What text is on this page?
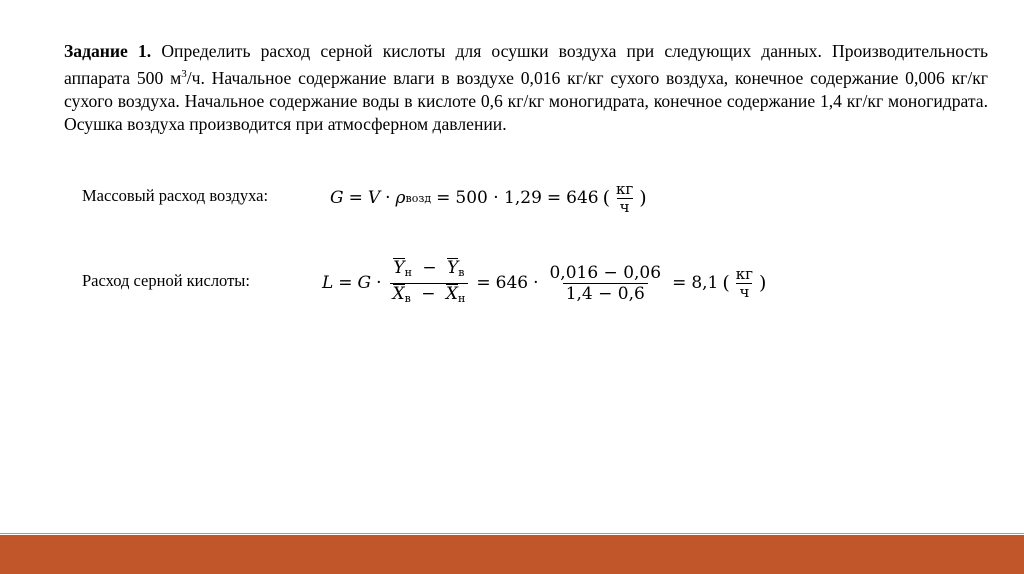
Задание 1. Определить расход серной кислоты для осушки воздуха при следующих данных. Производительность аппарата 500 $м^3/ч$. Начальное содержание влаги в воздухе 0,016 кг/кг сухого воздуха, конечное содержание 0,006 кг/кг сухого воздуха. Начальное содержание воды в кислоте 0,6 кг/кг моногидрата, конечное содержание 1,4 кг/кг моногидрата. Осушка воздуха производится при атмосферном давлении.
Массовый расход воздуха:	G = V · ρ возд = 500 · 1,29 = 646 ( $\frac{кг}{ч}$ )
Расход серной кислоты:	$L = G \cdot \frac{Y_н - Y_в}{X_в - X_н} = 646 \cdot \frac{0,016 - 0,06}{1,4 - 0,6} = 8,1$ ( $\frac{кг}{ч}$ )
